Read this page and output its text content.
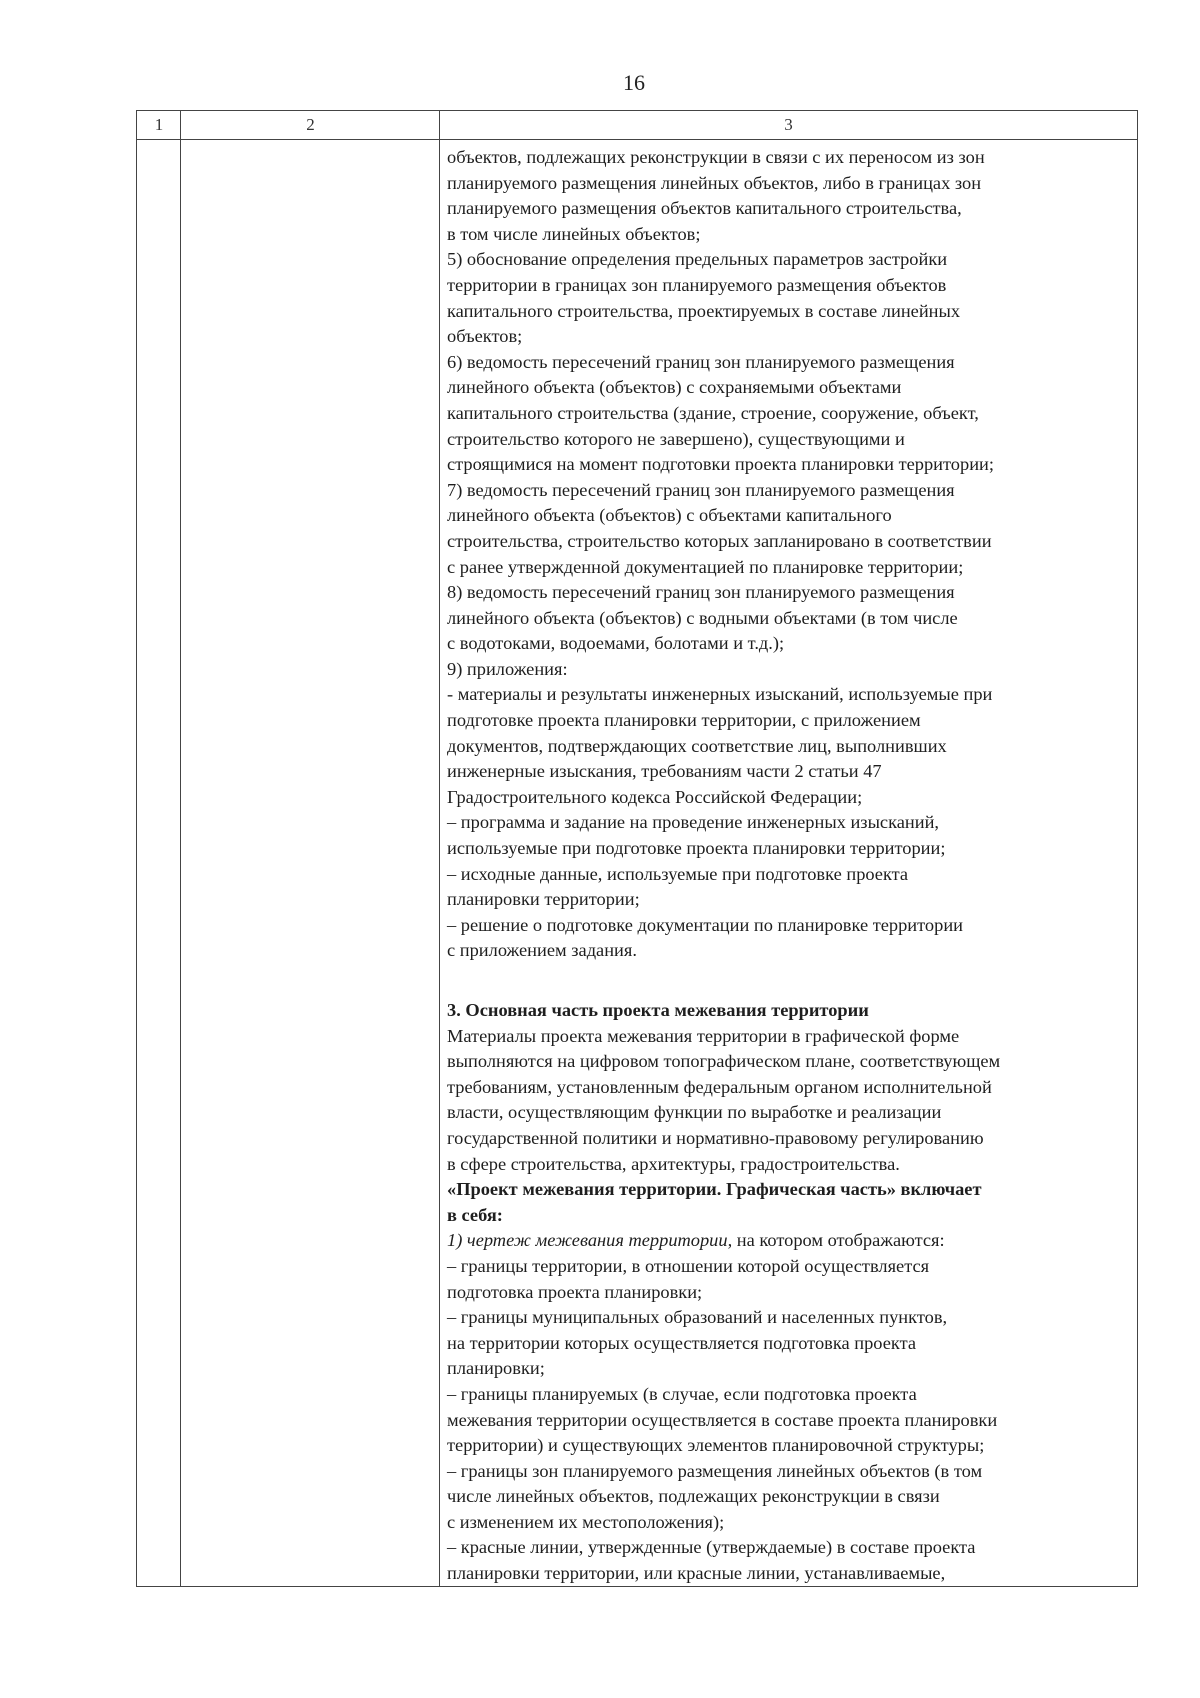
16
1	2	3
объектов, подлежащих реконструкции в связи с их переносом из зон
планируемого размещения линейных объектов, либо в границах зон
планируемого размещения объектов капитального строительства,
в том числе линейных объектов;
5) обоснование определения предельных параметров застройки
территории в границах зон планируемого размещения объектов
капитального строительства, проектируемых в составе линейных
объектов;
6) ведомость пересечений границ зон планируемого размещения
линейного объекта (объектов) с сохраняемыми объектами
капитального строительства (здание, строение, сооружение, объект,
строительство которого не завершено), существующими и
строящимися на момент подготовки проекта планировки территории;
7) ведомость пересечений границ зон планируемого размещения
линейного объекта (объектов) с объектами капитального
строительства, строительство которых запланировано в соответствии
с ранее утвержденной документацией по планировке территории;
8) ведомость пересечений границ зон планируемого размещения
линейного объекта (объектов) с водными объектами (в том числе
с водотоками, водоемами, болотами и т.д.);
9) приложения:
- материалы и результаты инженерных изысканий, используемые при
подготовке проекта планировки территории, с приложением
документов, подтверждающих соответствие лиц, выполнивших
инженерные изыскания, требованиям части 2 статьи 47
Градостроительного кодекса Российской Федерации;
– программа и задание на проведение инженерных изысканий,
используемые при подготовке проекта планировки территории;
– исходные данные, используемые при подготовке проекта
планировки территории;
– решение о подготовке документации по планировке территории
с приложением задания.
3. Основная часть проекта межевания территории
Материалы проекта межевания территории в графической форме
выполняются на цифровом топографическом плане, соответствующем
требованиям, установленным федеральным органом исполнительной
власти, осуществляющим функции по выработке и реализации
государственной политики и нормативно-правовому регулированию
в сфере строительства, архитектуры, градостроительства.
«Проект межевания территории. Графическая часть» включает
в себя:
1) чертеж межевания территории, на котором отображаются:
– границы территории, в отношении которой осуществляется
подготовка проекта планировки;
– границы муниципальных образований и населенных пунктов,
на территории которых осуществляется подготовка проекта
планировки;
– границы планируемых (в случае, если подготовка проекта
межевания территории осуществляется в составе проекта планировки
территории) и существующих элементов планировочной структуры;
– границы зон планируемого размещения линейных объектов (в том
числе линейных объектов, подлежащих реконструкции в связи
с изменением их местоположения);
– красные линии, утвержденные (утверждаемые) в составе проекта
планировки территории, или красные линии, устанавливаемые,
